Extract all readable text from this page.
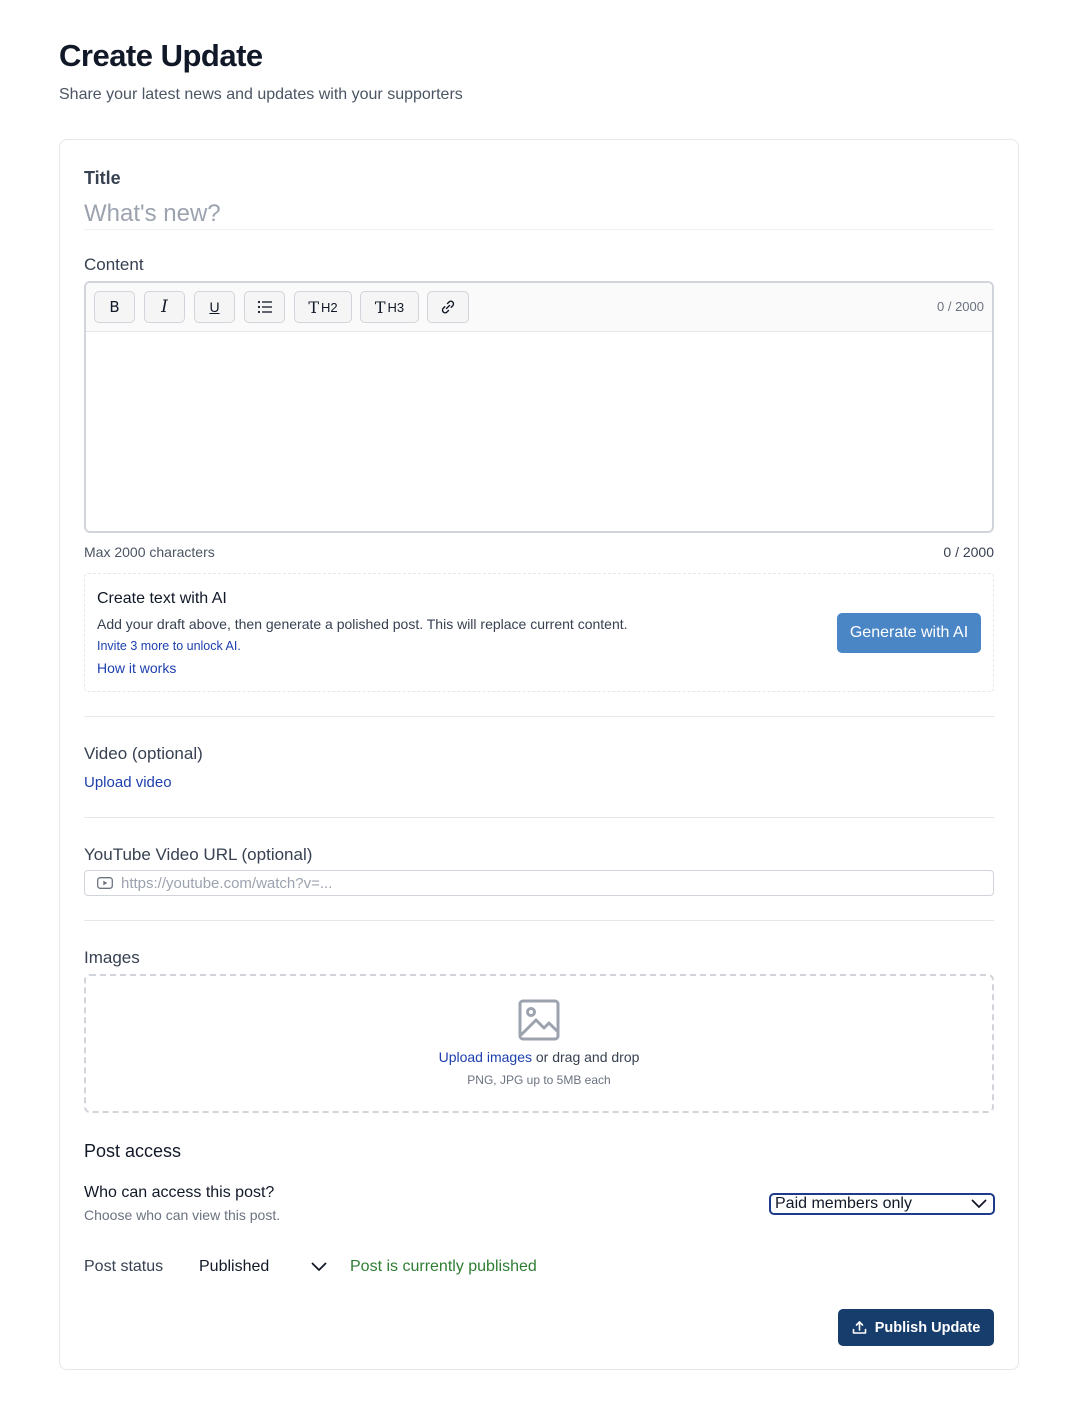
Create Update

Share your latest news and updates with your supporters

Title
What's new?
Content
B I	U	T H2 T H3	0 / 2000
Max 2000 characters	0 / 2000
Create text with AI
Add your draft above, then generate a polished post. This will replace current content.
Invite 3 more to unlock AI.
How it works
Generate with AI
Video (optional)
Upload video
YouTube Video URL (optional)
https://youtube.com/watch?v=...
Images
Upload images or drag and drop
PNG, JPG up to 5MB each
Post access
Who can access this post?
Choose who can view this post.
Paid members only
Post status Published	Post is currently published
Publish Update
